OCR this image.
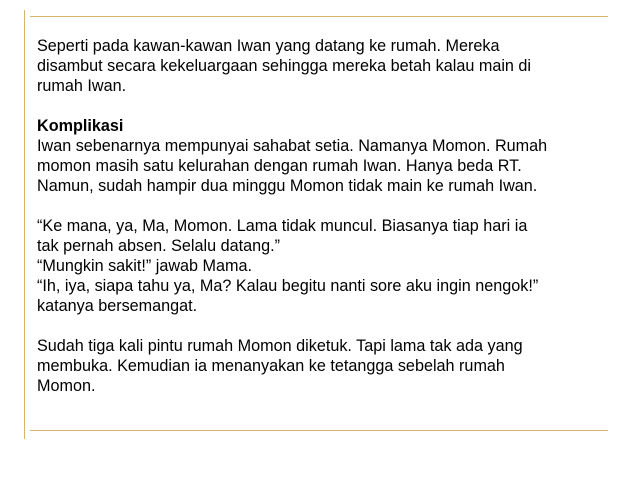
Seperti pada kawan-kawan Iwan yang datang ke rumah. Mereka
disambut secara kekeluargaan sehingga mereka betah kalau main di
rumah Iwan.

Komplikasi
Iwan sebenarnya mempunyai sahabat setia. Namanya Momon. Rumah
momon masih satu kelurahan dengan rumah Iwan. Hanya beda RT.
Namun, sudah hampir dua minggu Momon tidak main ke rumah Iwan.

“Ke mana, ya, Ma, Momon. Lama tidak muncul. Biasanya tiap hari ia
tak pernah absen. Selalu datang.”
“Mungkin sakit!” jawab Mama.
“Ih, iya, siapa tahu ya, Ma? Kalau begitu nanti sore aku ingin nengok!”
katanya bersemangat.

Sudah tiga kali pintu rumah Momon diketuk. Tapi lama tak ada yang
membuka. Kemudian ia menanyakan ke tetangga sebelah rumah
Momon.
